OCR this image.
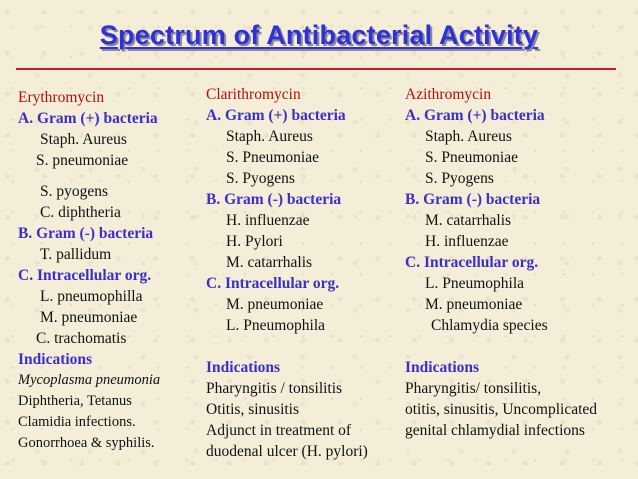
Spectrum of Antibacterial Activity
Erythromycin
A. Gram (+) bacteria
Staph. Aureus
S. pneumoniae
S. pyogens
C. diphtheria
B. Gram (-) bacteria
T. pallidum
C. Intracellular org.
L. pneumophilla
M. pneumoniae
C. trachomatis
Indications
Mycoplasma pneumonia
Diphtheria, Tetanus
Clamidia infections.
Gonorrhoea & syphilis.
Clarithromycin
A. Gram (+) bacteria
Staph. Aureus
S. Pneumoniae
S. Pyogens
B. Gram (-) bacteria
H. influenzae
H. Pylori
M. catarrhalis
C. Intracellular org.
M. pneumoniae
L. Pneumophila
Indications
Pharyngitis / tonsilitis
Otitis, sinusitis
Adjunct in treatment of
duodenal ulcer (H. pylori)
Azithromycin
A. Gram (+) bacteria
Staph. Aureus
S. Pneumoniae
S. Pyogens
B. Gram (-) bacteria
M. catarrhalis
H. influenzae
C. Intracellular org.
L. Pneumophila
M. pneumoniae
Chlamydia species
Indications
Pharyngitis/ tonsilitis,
otitis, sinusitis, Uncomplicated
genital chlamydial infections
